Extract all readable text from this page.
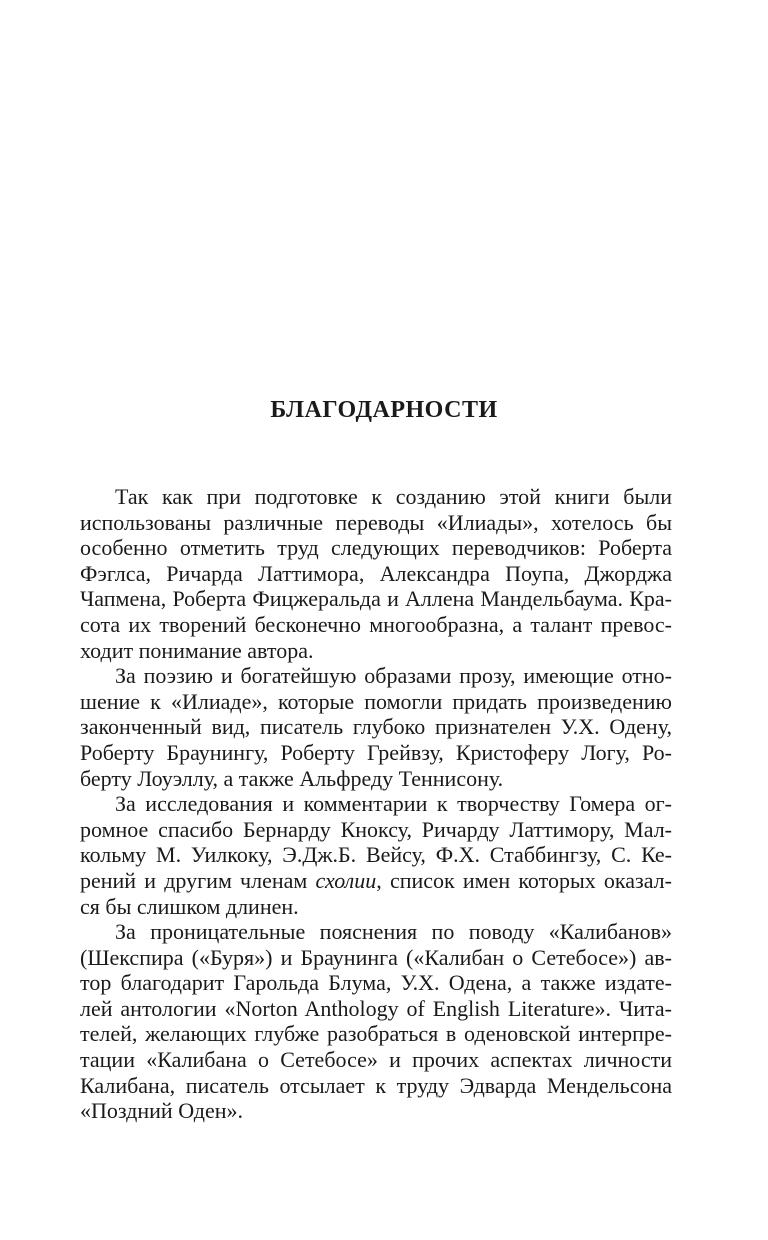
БЛАГОДАРНОСТИ
Так как при подготовке к созданию этой книги были
использованы различные переводы «Илиады», хотелось бы
особенно отметить труд следующих переводчиков: Роберта
Фэглса, Ричарда Латтимора, Александра Поупа, Джорджа
Чапмена, Роберта Фицжеральда и Аллена Мандельбаума. Кра-
сота их творений бесконечно многообразна, а талант превос-
ходит понимание автора.
За поэзию и богатейшую образами прозу, имеющие отно-
шение к «Илиаде», которые помогли придать произведению
законченный вид, писатель глубоко признателен У.Х. Одену,
Роберту Браунингу, Роберту Грейвзу, Кристоферу Логу, Ро-
берту Лоуэллу, а также Альфреду Теннисону.
За исследования и комментарии к творчеству Гомера ог-
ромное спасибо Бернарду Кноксу, Ричарду Латтимору, Мал-
кольму М. Уилкоку, Э.Дж.Б. Вейсу, Ф.Х. Стаббингзу, С. Ке-
рений и другим членам схолии, список имен которых оказал-
ся бы слишком длинен.
За проницательные пояснения по поводу «Калибанов»
(Шекспира («Буря») и Браунинга («Калибан о Сетебосе») ав-
тор благодарит Гарольда Блума, У.Х. Одена, а также издате-
лей антологии «Norton Anthology of English Literature». Чита-
телей, желающих глубже разобраться в оденовской интерпре-
тации «Калибана о Сетебосе» и прочих аспектах личности
Калибана, писатель отсылает к труду Эдварда Мендельсона
«Поздний Оден».
